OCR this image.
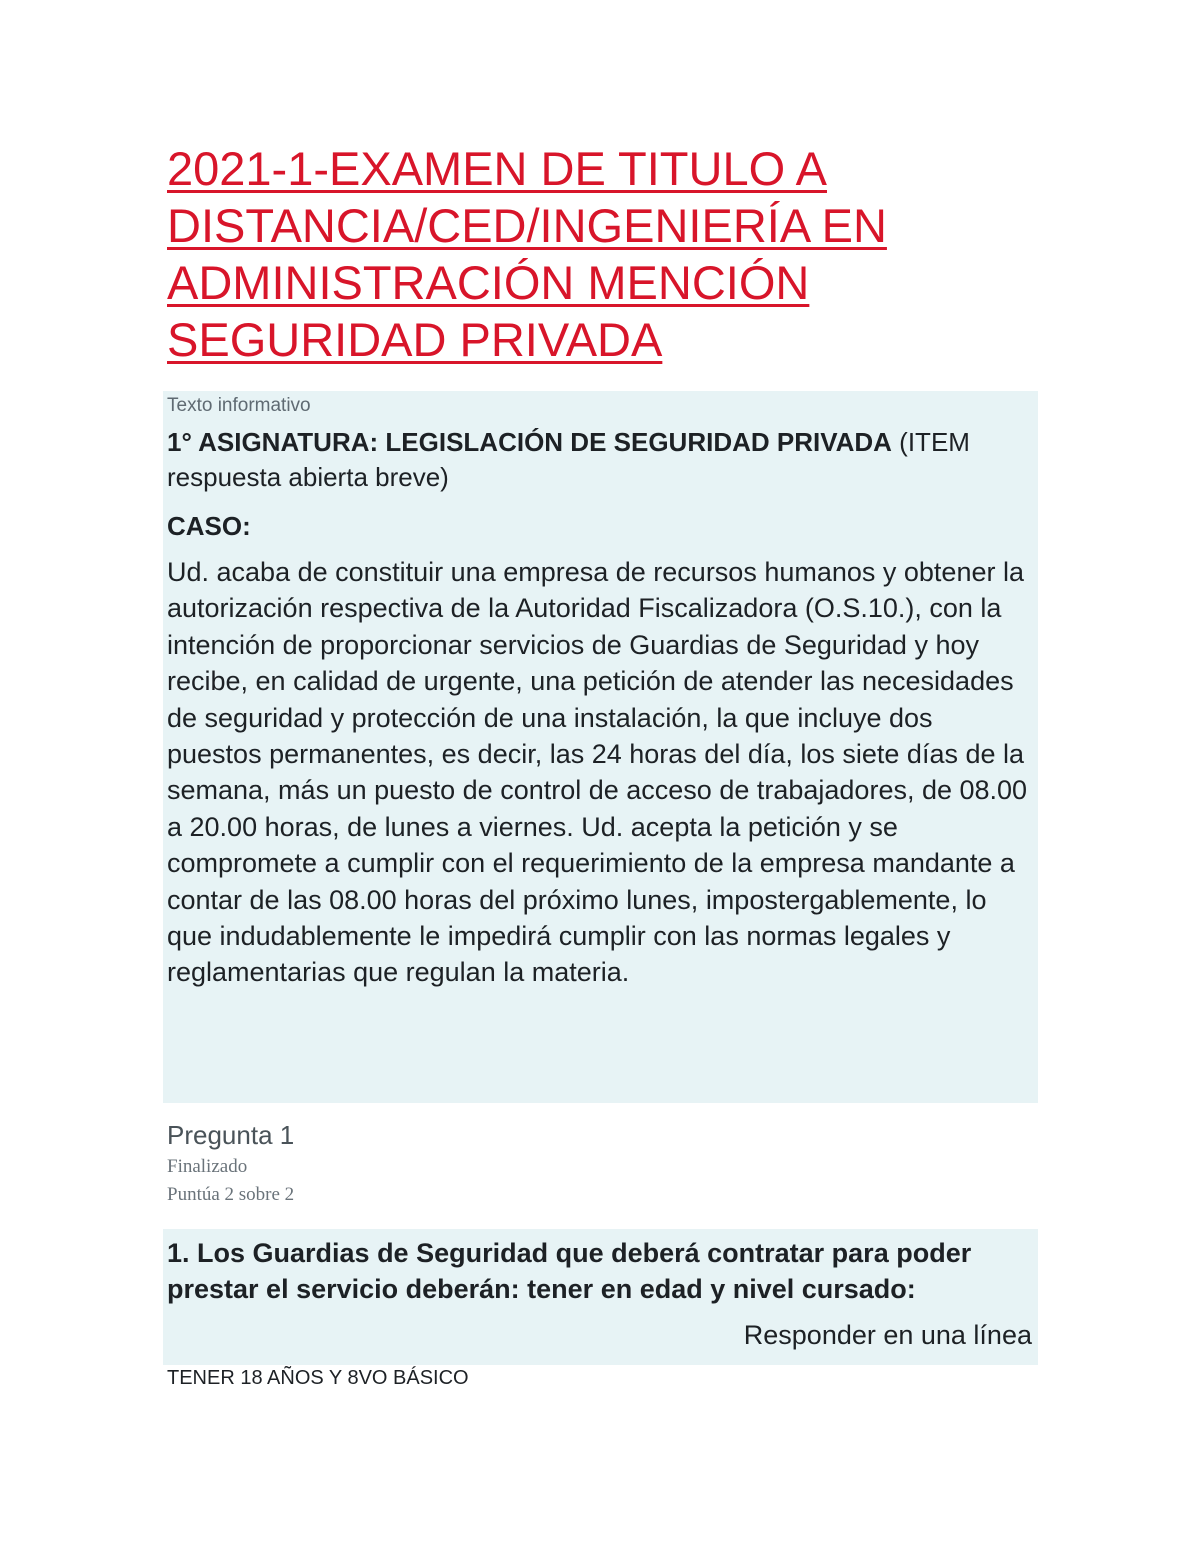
2021-1-EXAMEN DE TITULO A DISTANCIA/CED/INGENIERÍA EN ADMINISTRACIÓN MENCIÓN SEGURIDAD PRIVADA
Texto informativo
1° ASIGNATURA: LEGISLACIÓN DE SEGURIDAD PRIVADA (ITEM respuesta abierta breve)
CASO:
Ud. acaba de constituir una empresa de recursos humanos y obtener la autorización respectiva de la Autoridad Fiscalizadora (O.S.10.), con la intención de proporcionar servicios de Guardias de Seguridad y hoy recibe, en calidad de urgente, una petición de atender las necesidades de seguridad y protección de una instalación, la que incluye dos puestos permanentes, es decir, las 24 horas del día, los siete días de la semana, más un puesto de control de acceso de trabajadores, de 08.00 a 20.00 horas, de lunes a viernes. Ud. acepta la petición y se compromete a cumplir con el requerimiento de la empresa mandante a contar de las 08.00 horas del próximo lunes, impostergablemente, lo que indudablemente le impedirá cumplir con las normas legales y reglamentarias que regulan la materia.
Pregunta 1
Finalizado
Puntúa 2 sobre 2
1. Los Guardias de Seguridad que deberá contratar para poder prestar el servicio deberán: tener en edad y nivel cursado:
Responder en una línea
TENER 18 AÑOS Y 8VO BÁSICO
